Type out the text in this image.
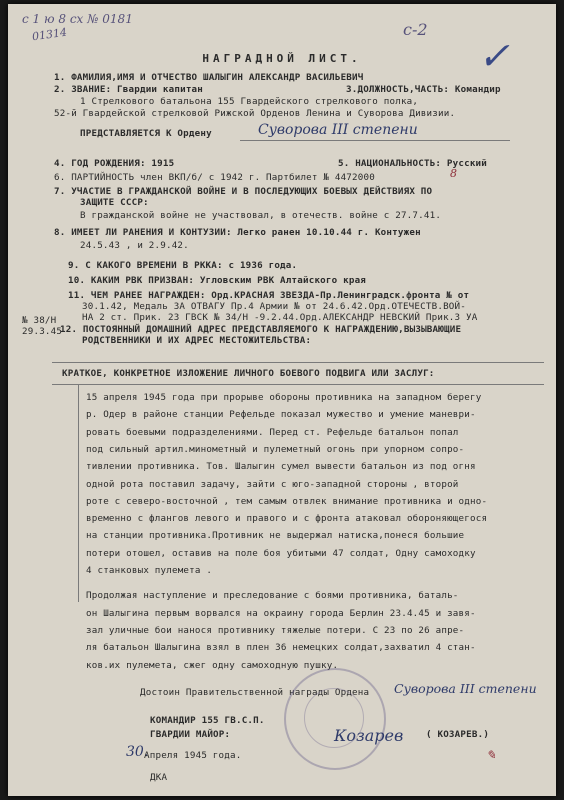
с 1 ю 8 сх № 0181
01314	с-2
✓
НАГРАДНОЙ ЛИСТ.
1. ФАМИЛИЯ,ИМЯ И ОТЧЕСТВО ШАЛЫГИН АЛЕКСАНДР ВАСИЛЬЕВИЧ
2. ЗВАНИЕ: Гвардии капитан	3.ДОЛЖНОСТЬ,ЧАСТЬ: Командир
1 Стрелкового батальона 155 Гвардейского стрелкового полка,
52-й Гвардейской стрелковой Рижской Орденов Ленина и Суворова Дивизии.
ПРЕДСТАВЛЯЕТСЯ К Ордену	Суворова III степени
4. ГОД РОЖДЕНИЯ: 1915	5. НАЦИОНАЛЬНОСТЬ: Русский
6. ПАРТИЙНОСТЬ член ВКП/б/ с 1942 г. Партбилет № 4472000	8
7. УЧАСТИЕ В ГРАЖДАНСКОЙ ВОЙНЕ И В ПОСЛЕДУЮЩИХ БОЕВЫХ ДЕЙСТВИЯХ ПО
ЗАЩИТЕ СССР:
В гражданской войне не участвовал, в отечеств. войне с 27.7.41.
8. ИМЕЕТ ЛИ РАНЕНИЯ И КОНТУЗИИ: Легко ранен 10.10.44 г. Контужен
24.5.43 , и 2.9.42.
9. С КАКОГО ВРЕМЕНИ В РККА: с 1936 года.
10. КАКИМ РВК ПРИЗВАН: Угловским РВК Алтайского края
11. ЧЕМ РАНЕЕ НАГРАЖДЕН: Орд.КРАСНАЯ ЗВЕЗДА-Пр.Ленинградск.фронта № от
30.1.42, Медаль ЗА ОТВАГУ Пр.4 Армии № от 24.6.42.Орд.ОТЕЧЕСТВ.ВОЙ-
НА 2 ст. Прик. 23 ГВСК № 34/Н -9.2.44.Орд.АЛЕКСАНДР НЕВСКИЙ Прик.3 УА
№ 38/Н
29.3.45
12. ПОСТОЯННЫЙ ДОМАШНИЙ АДРЕС ПРЕДСТАВЛЯЕМОГО К НАГРАЖДЕНИЮ,ВЫЗЫВАЮЩИЕ
РОДСТВЕННИКИ И ИХ АДРЕС МЕСТОЖИТЕЛЬСТВА:
КРАТКОЕ, КОНКРЕТНОЕ ИЗЛОЖЕНИЕ ЛИЧНОГО БОЕВОГО ПОДВИГА ИЛИ ЗАСЛУГ:
15 апреля 1945 года при прорыве обороны противника на западном берегу
р. Одер в районе станции Рефельде показал мужество и умение маневри-
ровать боевыми подразделениями. Перед ст. Рефельде батальон попал
под сильный артил.минометный и пулеметный огонь при упорном сопро-
тивлении противника. Тов. Шалыгин сумел вывести батальон из под огня
одной рота поставил задачу, зайти с юго-западной стороны , второй
роте с северо-восточной , тем самым отвлек внимание противника и одно-
временно с флангов левого и правого и с фронта атаковал обороняющегося
на станции противника.Противник не выдержал натиска,понеся большие
потери отошел, оставив на поле боя убитыми 47 солдат, Одну самоходку
4 станковых пулемета .
Продолжая наступление и преследование с боями противника, баталь-
он Шалыгина первым ворвался на окраину города Берлин 23.4.45 и завя-
зал уличные бои нанося противнику тяжелые потери. С 23 по 26 апре-
ля батальон Шалыгина взял в плен 36 немецких солдат,захватил 4 стан-
ков.их пулемета, сжег одну самоходную пушку.
Достоин Правительственной награды Ордена Суворова III степени
КОМАНДИР 155 ГВ.С.П.
ГВАРДИИ МАЙОР:	Козарев ( КОЗАРЕВ.)
30.
Апреля 1945 года.
ДКА
✎
